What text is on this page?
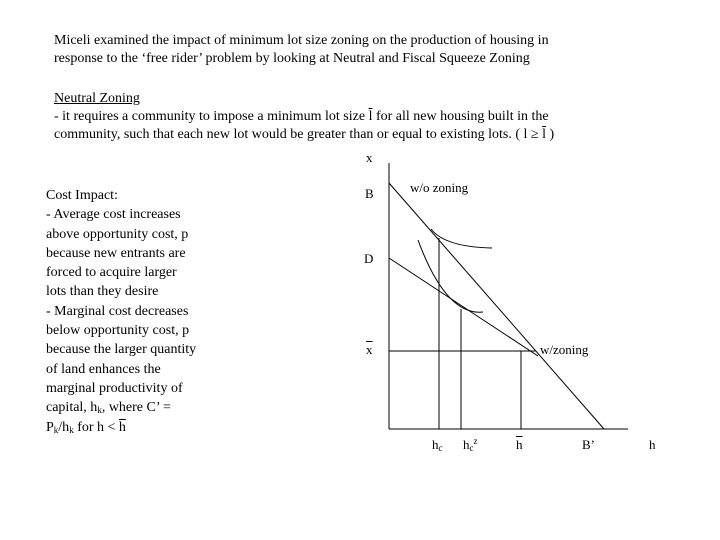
Miceli examined the impact of minimum lot size zoning on the production of housing in
response to the ‘free rider’ problem by looking at Neutral and Fiscal Squeeze Zoning
Neutral Zoning
- it requires a community to impose a minimum lot size $\overline{l}$ for all new housing built in the
community, such that each new lot would be greater than or equal to existing lots. ( $l \ge \overline{l}$ )
Cost Impact:
- Average cost increases
above opportunity cost, p
because new entrants are
forced to acquire larger
lots than they desire
- Marginal cost decreases
below opportunity cost, p
because the larger quantity
of land enhances the
marginal productivity of
capital, $h_k$, where C’ =
$P_k/h_k$ for $h < \overline{h}$
x
B
D
$\overline{x}$
w/o zoning
w/zoning
$h_c$ $h_c^z$	$\overline{h}$	B’	h
